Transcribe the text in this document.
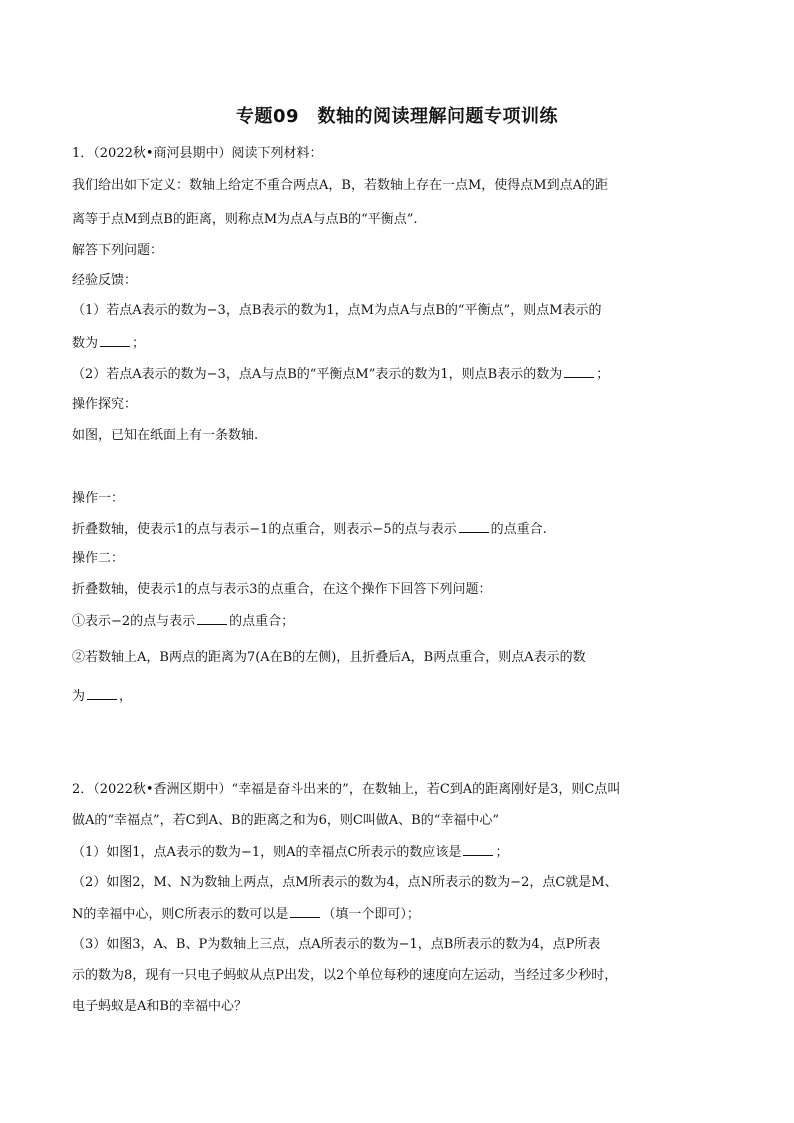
专题09　数轴的阅读理解问题专项训练
1．（2022秋•商河县期中）阅读下列材料：
我们给出如下定义：数轴上给定不重合两点A，B，若数轴上存在一点M，使得点M到点A的距
离等于点M到点B的距离，则称点M为点A与点B的“平衡点”.
解答下列问题：
经验反馈：
（1）若点A表示的数为−3，点B表示的数为1，点M为点A与点B的“平衡点”，则点M表示的
数为	；
（2）若点A表示的数为−3，点A与点B的“平衡点M”表示的数为1，则点B表示的数为	；
操作探究：
如图，已知在纸面上有一条数轴.
操作一：
折叠数轴，使表示1的点与表示−1的点重合，则表示−5的点与表示	的点重合.
操作二：
折叠数轴，使表示1的点与表示3的点重合，在这个操作下回答下列问题：
①表示−2的点与表示	的点重合；
②若数轴上A，B两点的距离为7(A在B的左侧)，且折叠后A，B两点重合，则点A表示的数
为	，
2．（2022秋•香洲区期中）“幸福是奋斗出来的”，在数轴上，若C到A的距离刚好是3，则C点叫
做A的“幸福点”，若C到A、B的距离之和为6，则C叫做A、B的“幸福中心”
（1）如图1，点A表示的数为−1，则A的幸福点C所表示的数应该是	；
（2）如图2，M、N为数轴上两点，点M所表示的数为4，点N所表示的数为−2，点C就是M、
N的幸福中心，则C所表示的数可以是	（填一个即可）；
（3）如图3，A、B、P为数轴上三点，点A所表示的数为−1，点B所表示的数为4，点P所表
示的数为8，现有一只电子蚂蚁从点P出发，以2个单位每秒的速度向左运动，当经过多少秒时，
电子蚂蚁是A和B的幸福中心？
